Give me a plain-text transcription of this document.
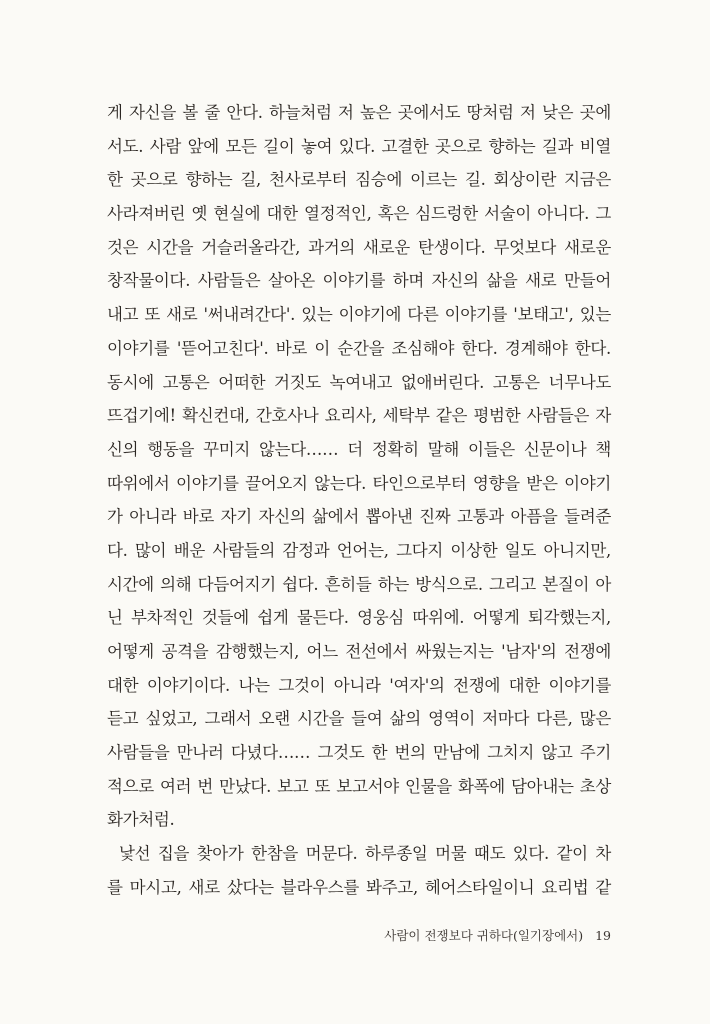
게 자신을 볼 줄 안다. 하늘처럼 저 높은 곳에서도 땅처럼 저 낮은 곳에
서도. 사람 앞에 모든 길이 놓여 있다. 고결한 곳으로 향하는 길과 비열
한 곳으로 향하는 길, 천사로부터 짐승에 이르는 길. 회상이란 지금은
사라져버린 옛 현실에 대한 열정적인, 혹은 심드렁한 서술이 아니다. 그
것은 시간을 거슬러올라간, 과거의 새로운 탄생이다. 무엇보다 새로운
창작물이다. 사람들은 살아온 이야기를 하며 자신의 삶을 새로 만들어
내고 또 새로 '써내려간다'. 있는 이야기에 다른 이야기를 '보태고', 있는
이야기를 '뜯어고친다'. 바로 이 순간을 조심해야 한다. 경계해야 한다.
동시에 고통은 어떠한 거짓도 녹여내고 없애버린다. 고통은 너무나도
뜨겁기에! 확신컨대, 간호사나 요리사, 세탁부 같은 평범한 사람들은 자
신의 행동을 꾸미지 않는다…… 더 정확히 말해 이들은 신문이나 책
따위에서 이야기를 끌어오지 않는다. 타인으로부터 영향을 받은 이야기
가 아니라 바로 자기 자신의 삶에서 뽑아낸 진짜 고통과 아픔을 들려준
다. 많이 배운 사람들의 감정과 언어는, 그다지 이상한 일도 아니지만,
시간에 의해 다듬어지기 쉽다. 흔히들 하는 방식으로. 그리고 본질이 아
닌 부차적인 것들에 쉽게 물든다. 영웅심 따위에. 어떻게 퇴각했는지,
어떻게 공격을 감행했는지, 어느 전선에서 싸웠는지는 '남자'의 전쟁에
대한 이야기이다. 나는 그것이 아니라 '여자'의 전쟁에 대한 이야기를
듣고 싶었고, 그래서 오랜 시간을 들여 삶의 영역이 저마다 다른, 많은
사람들을 만나러 다녔다…… 그것도 한 번의 만남에 그치지 않고 주기
적으로 여러 번 만났다. 보고 또 보고서야 인물을 화폭에 담아내는 초상
화가처럼.
낯선 집을 찾아가 한참을 머문다. 하루종일 머물 때도 있다. 같이 차
를 마시고, 새로 샀다는 블라우스를 봐주고, 헤어스타일이니 요리법 같
사람이 전쟁보다 귀하다(일기장에서) 19
